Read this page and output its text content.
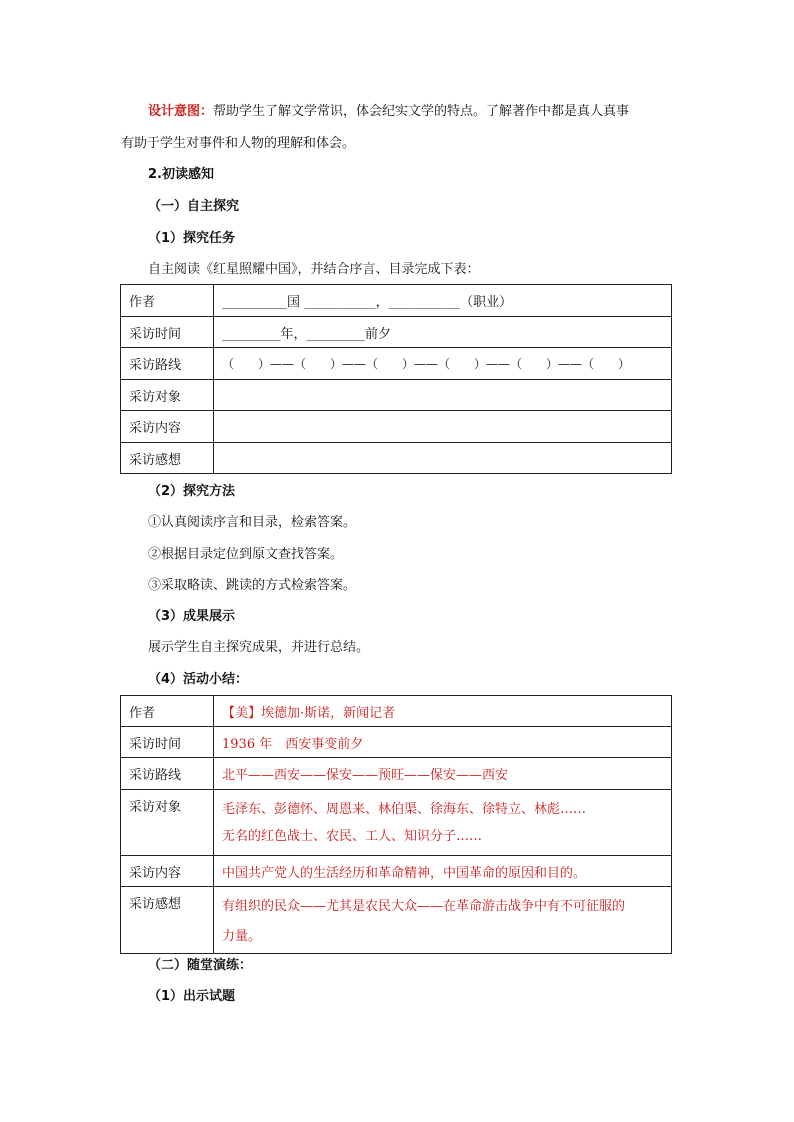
设计意图：帮助学生了解文学常识，体会纪实文学的特点。了解著作中都是真人真事
有助于学生对事件和人物的理解和体会。
2.初读感知
（一）自主探究
（1）探究任务
自主阅读《红星照耀中国》，并结合序言、目录完成下表：
作者	__________国 ___________，___________（职业）
采访时间	_________年，_________前夕
采访路线	（　　）——（　　）——（　　）——（　　）——（　　）——（　　）
采访对象	
采访内容	
采访感想	
（2）探究方法
①认真阅读序言和目录，检索答案。
②根据目录定位到原文查找答案。
③采取略读、跳读的方式检索答案。
（3）成果展示
展示学生自主探究成果，并进行总结。
（4）活动小结：
作者	【美】埃德加·斯诺，新闻记者
采访时间	1936 年　西安事变前夕
采访路线	北平——西安——保安——预旺——保安——西安
采访对象	毛泽东、彭德怀、周恩来、林伯渠、徐海东、徐特立、林彪……
无名的红色战士、农民、工人、知识分子……

采访内容	中国共产党人的生活经历和革命精神，中国革命的原因和目的。
采访感想	有组织的民众——尤其是农民大众——在革命游击战争中有不可征服的
力量。
（二）随堂演练：
（1）出示试题
